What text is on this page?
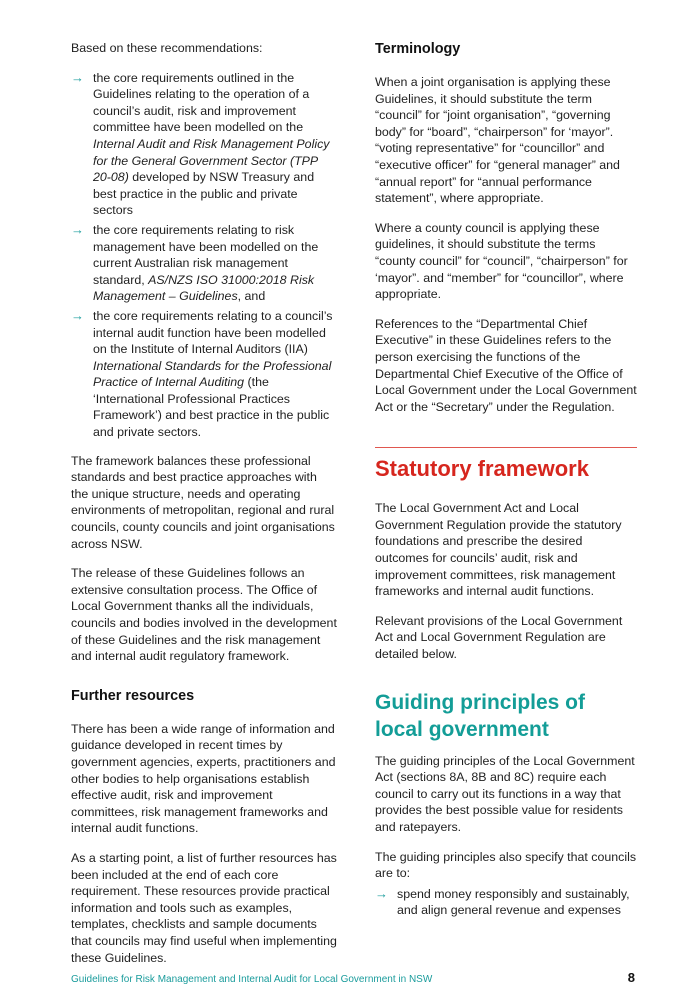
Based on these recommendations:

→ the core requirements outlined in the Guidelines relating to the operation of a council’s audit, risk and improvement committee have been modelled on the Internal Audit and Risk Management Policy for the General Government Sector (TPP 20-08) developed by NSW Treasury and best practice in the public and private sectors
→ the core requirements relating to risk management have been modelled on the current Australian risk management standard, AS/NZS ISO 31000:2018 Risk Management – Guidelines, and
→ the core requirements relating to a council’s internal audit function have been modelled on the Institute of Internal Auditors (IIA) International Standards for the Professional Practice of Internal Auditing (the ‘International Professional Practices Framework’) and best practice in the public and private sectors.

The framework balances these professional standards and best practice approaches with the unique structure, needs and operating environments of metropolitan, regional and rural councils, county councils and joint organisations across NSW.

The release of these Guidelines follows an extensive consultation process. The Office of Local Government thanks all the individuals, councils and bodies involved in the development of these Guidelines and the risk management and internal audit regulatory framework.

Further resources

There has been a wide range of information and guidance developed in recent times by government agencies, experts, practitioners and other bodies to help organisations establish effective audit, risk and improvement committees, risk management frameworks and internal audit functions.

As a starting point, a list of further resources has been included at the end of each core requirement. These resources provide practical information and tools such as examples, templates, checklists and sample documents that councils may find useful when implementing these Guidelines.

Terminology

When a joint organisation is applying these Guidelines, it should substitute the term “council” for “joint organisation”, “governing body” for “board”, “chairperson” for ‘mayor”. “voting representative” for “councillor” and “executive officer” for “general manager” and “annual report” for “annual performance statement”, where appropriate.

Where a county council is applying these guidelines, it should substitute the terms “county council” for “council”, “chairperson” for ‘mayor”. and “member” for “councillor”, where appropriate.

References to the “Departmental Chief Executive” in these Guidelines refers to the person exercising the functions of the Departmental Chief Executive of the Office of Local Government under the Local Government Act or the “Secretary” under the Regulation.

Statutory framework

The Local Government Act and Local Government Regulation provide the statutory foundations and prescribe the desired outcomes for councils’ audit, risk and improvement committees, risk management frameworks and internal audit functions.

Relevant provisions of the Local Government Act and Local Government Regulation are detailed below.

Guiding principles of local government

The guiding principles of the Local Government Act (sections 8A, 8B and 8C) require each council to carry out its functions in a way that provides the best possible value for residents and ratepayers.

The guiding principles also specify that councils are to:

→ spend money responsibly and sustainably, and align general revenue and expenses
Guidelines for Risk Management and Internal Audit for Local Government in NSW	8
